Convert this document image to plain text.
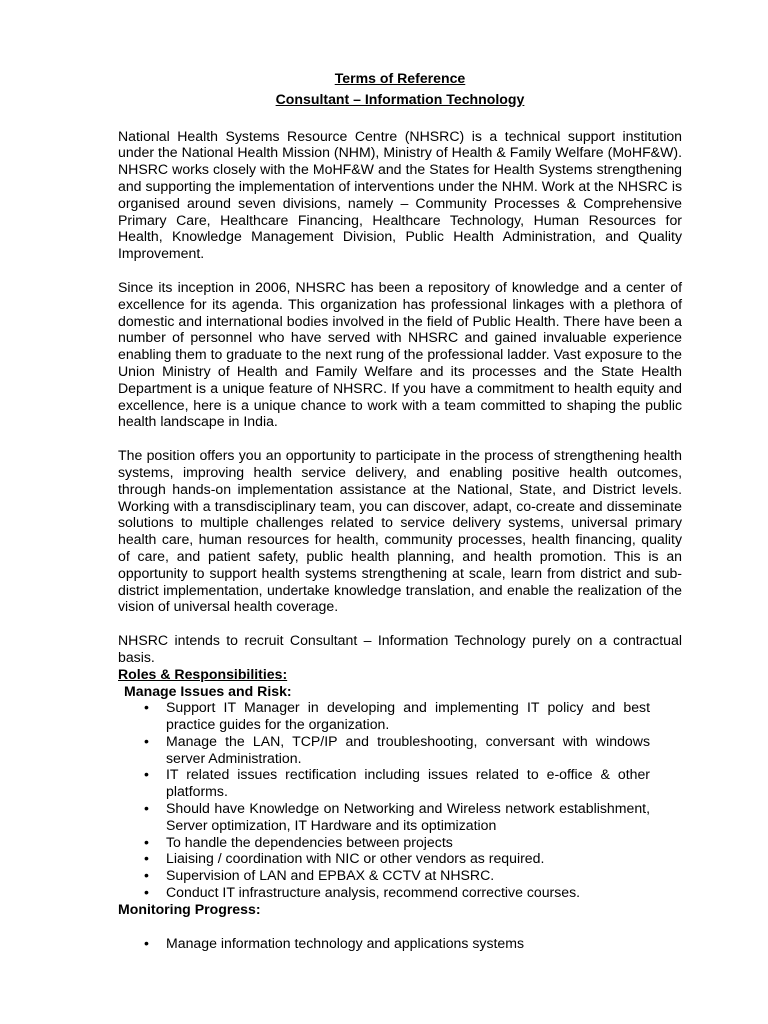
Terms of Reference

Consultant – Information Technology

National Health Systems Resource Centre (NHSRC) is a technical support institution under the National Health Mission (NHM), Ministry of Health & Family Welfare (MoHF&W). NHSRC works closely with the MoHF&W and the States for Health Systems strengthening and supporting the implementation of interventions under the NHM. Work at the NHSRC is organised around seven divisions, namely – Community Processes & Comprehensive Primary Care, Healthcare Financing, Healthcare Technology, Human Resources for Health, Knowledge Management Division, Public Health Administration, and Quality Improvement.

Since its inception in 2006, NHSRC has been a repository of knowledge and a center of excellence for its agenda. This organization has professional linkages with a plethora of domestic and international bodies involved in the field of Public Health. There have been a number of personnel who have served with NHSRC and gained invaluable experience enabling them to graduate to the next rung of the professional ladder. Vast exposure to the Union Ministry of Health and Family Welfare and its processes and the State Health Department is a unique feature of NHSRC. If you have a commitment to health equity and excellence, here is a unique chance to work with a team committed to shaping the public health landscape in India.

The position offers you an opportunity to participate in the process of strengthening health systems, improving health service delivery, and enabling positive health outcomes, through hands-on implementation assistance at the National, State, and District levels. Working with a transdisciplinary team, you can discover, adapt, co-create and disseminate solutions to multiple challenges related to service delivery systems, universal primary health care, human resources for health, community processes, health financing, quality of care, and patient safety, public health planning, and health promotion. This is an opportunity to support health systems strengthening at scale, learn from district and sub-district implementation, undertake knowledge translation, and enable the realization of the vision of universal health coverage.

NHSRC intends to recruit Consultant – Information Technology purely on a contractual basis.

Roles & Responsibilities:

Manage Issues and Risk:

• Support IT Manager in developing and implementing IT policy and best practice guides for the organization.
• Manage the LAN, TCP/IP and troubleshooting, conversant with windows server Administration.
• IT related issues rectification including issues related to e-office & other platforms.
• Should have Knowledge on Networking and Wireless network establishment, Server optimization, IT Hardware and its optimization
• To handle the dependencies between projects
• Liaising / coordination with NIC or other vendors as required.
• Supervision of LAN and EPBAX & CCTV at NHSRC.
• Conduct IT infrastructure analysis, recommend corrective courses.

Monitoring Progress:

• Manage information technology and applications systems
